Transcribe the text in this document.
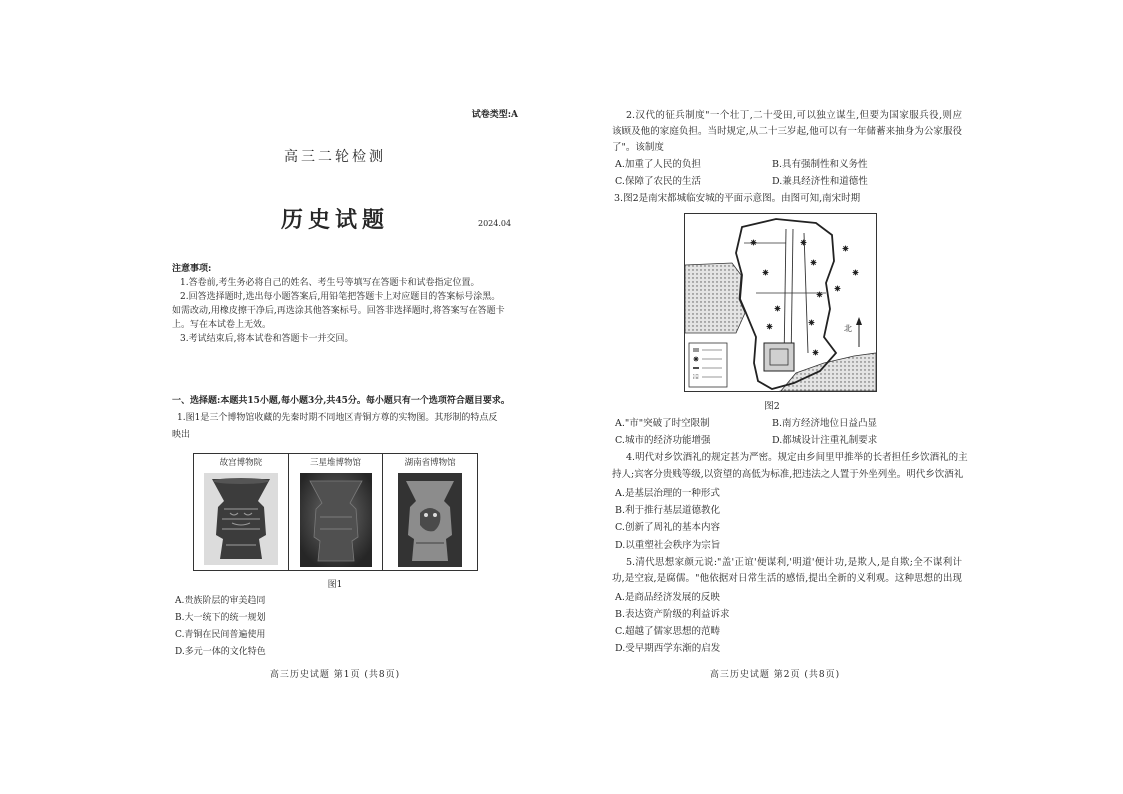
试卷类型:A
高三二轮检测
历史试题	2024.04
注意事项:
1.答卷前,考生务必将自己的姓名、考生号等填写在答题卡和试卷指定位置。
2.回答选择题时,选出每小题答案后,用铅笔把答题卡上对应题目的答案标号涂黑。
如需改动,用橡皮擦干净后,再选涂其他答案标号。回答非选择题时,将答案写在答题卡
上。写在本试卷上无效。
3.考试结束后,将本试卷和答题卡一并交回。
一、选择题:本题共15小题,每小题3分,共45分。每小题只有一个选项符合题目要求。
1.图1是三个博物馆收藏的先秦时期不同地区青铜方尊的实物图。其形制的特点反
映出
故宫博物院	三星堆博物馆	湖南省博物馆
图1
A.贵族阶层的审美趋同
B.大一统下的统一规划
C.青铜在民间普遍使用
D.多元一体的文化特色
高三历史试题 第1页 (共8页)
2.汉代的征兵制度"一个壮丁,二十受田,可以独立谋生,但要为国家服兵役,则应
该顾及他的家庭负担。当时规定,从二十三岁起,他可以有一年储蓄来抽身为公家服役
了"。该制度
A.加重了人民的负担	B.具有强制性和义务性
C.保障了农民的生活	D.兼具经济性和道德性
3.图2是南宋都城临安城的平面示意图。由图可知,南宋时期
北
图2
A."市"突破了时空限制	B.南方经济地位日益凸显
C.城市的经济功能增强	D.都城设计注重礼制要求
4.明代对乡饮酒礼的规定甚为严密。规定由乡间里甲推举的长者担任乡饮酒礼的主
持人;宾客分贵贱等级,以资望的高低为标准,把违法之人置于外坐列坐。明代乡饮酒礼
A.是基层治理的一种形式
B.利于推行基层道德教化
C.创新了周礼的基本内容
D.以重塑社会秩序为宗旨
5.清代思想家颜元说:"盖'正谊'便谋利,'明道'便计功,是欺人,是自欺;全不谋利计
功,是空寂,是腐儒。"他依据对日常生活的感悟,提出全新的义利观。这种思想的出现
A.是商品经济发展的反映
B.表达资产阶级的利益诉求
C.超越了儒家思想的范畴
D.受早期西学东渐的启发
高三历史试题 第2页 (共8页)
